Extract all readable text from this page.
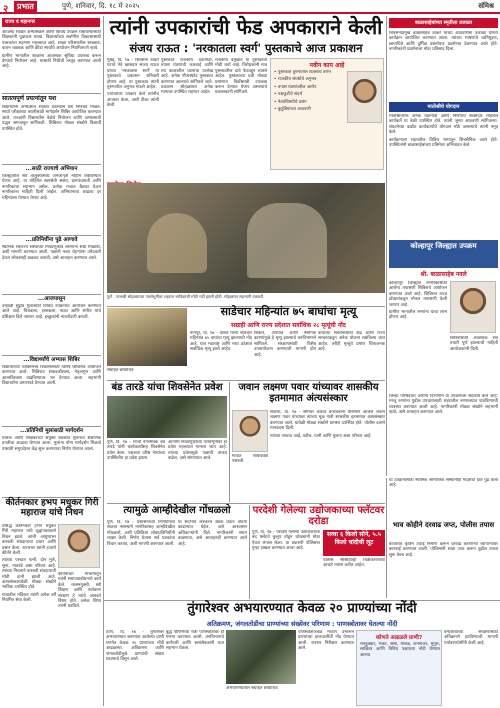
२	प्रभात	पुणे, शनिवार, दि. १८ मे २०२५	संमिश्र
राज्य व महानगर

आपल्या शाळेत अभ्यासक्रम आणि विविध उपक्रम राबविण्यासाठी शिक्षकांनी पुढाकार घ्यावा. विद्यार्थ्यांच्या सर्वांगीण विकासासाठी पालकांचा सहभाग महत्त्वाचा आहे. शाळा परिसरातील स्वच्छता, वाचन चळवळ आणि क्रीडा स्पर्धांचे आयोजन नियमितपणे व्हावे.

ग्रामीण भागातील शाळांना आवश्यक सुविधा उपलब्ध करून देण्याचे नियोजन आहे. यासाठी निधीची तरतूद करण्यात आली आहे.

सातत्यपूर्ण प्रयत्नांतून यश

विद्यार्थ्यांनी अभ्यासात सातत्य ठेवल्यास यश निश्चित मिळते. स्पर्धा परीक्षांच्या तयारीसाठी मार्गदर्शन शिबिर आयोजित करण्यात आले. तज्ज्ञांनी विद्यार्थ्यांना वेळेचे नियोजन आणि अभ्यासाची पद्धत समजावून सांगितली. शिबिरात मोठ्या संख्येने विद्यार्थी उपस्थित होते.

...साठी राज्याचे अभियान

जिल्ह्यातील सर्व तालुक्यांमध्ये जनजागृती मोहीम राबविण्यात येणार आहे. या मोहिमेत स्वयंसेवी संस्था, ग्रामपंचायती आणि नागरिकांचा सहभाग असेल. प्रत्येक गावात बैठका घेऊन नागरिकांना माहिती दिली जाईल. अभियानाचा आढावा दर महिन्याला घेण्यात येणार आहे.

...प्रतिनिधींना पुढे आणावे

स्थानिक स्वराज्य संस्थांच्या निवडणुकीत तरुणांना संधी मिळावी, अशी मागणी करण्यात आली. पक्षांनी नव्या चेहऱ्यांना उमेदवारी देऊन लोकशाही बळकट करावी, असे आवाहन करण्यात आले.

...आजपासून

उन्हाळी सुट्टीत मुलांसाठी विविध उपक्रमांचे आयोजन करण्यात आले आहे. चित्रकला, हस्तकला, नाट्य आणि संगीत यांचे प्रशिक्षण दिले जाणार आहे. इच्छुकांनी नावनोंदणी करावी.

...विद्यार्थ्यांचे अभ्यास शिबिर

विद्यार्थ्यांच्या व्यक्तिमत्त्व विकासासाठी विशेष शिबिराचे आयोजन करण्यात आले. शिबिरात संवादकौशल्य, नेतृत्वगुण आणि आत्मविश्वास वाढविण्यावर भर देण्यात आला. सहभागी विद्यार्थ्यांना प्रमाणपत्रे देण्यात आली.

...प्रतिनिधी मुलांसाठी मार्गदर्शन

पालक आणि शिक्षकांच्या संयुक्त बैठकीत मुलांच्या शैक्षणिक प्रगतीचा आढावा घेण्यात आला. मुलांना योग्य मार्गदर्शन मिळावे यासाठी समुपदेशन केंद्र सुरू करण्याचा निर्णय घेण्यात आला.

कीर्तनकार हभप मधुकर गिरी महाराज यांचे निधन

प्रसिद्ध कीर्तनकार हभप मधुकर गिरी महाराज यांचे वृद्धापकाळाने निधन झाले. त्यांनी आयुष्यभर वारकरी संप्रदायाचा प्रचार आणि प्रसार केला. राज्यभर त्यांनी हजारो कीर्तने केली.

त्यांच्या पश्चात पत्नी, दोन मुले, सुना, नातवंडे असा परिवार आहे. त्यांच्या निधनाने वारकरी संप्रदायाची मोठी हानी झाली आहे. अंत्यसंस्कारावेळी मोठ्या संख्येने भाविक उपस्थित होते.

गावातील मंदिरात त्यांनी अनेक वर्षे नियमित सेवा केली.

कीर्तनाच्या माध्यमातून त्यांनी समाजप्रबोधनाचे कार्य केले. व्यसनमुक्ती, स्त्री शिक्षण आणि पर्यावरण संरक्षण हे त्यांचे आवडते विषय होते. अनेक शिष्य त्यांनी घडविले.

त्यांनी उपकारांची फेड अपकाराने केली
संजय राऊत : 'नरकातला स्वर्ग' पुस्तकाचे आज प्रकाशन

मुंबई, दि. १७ - शिवसेना ठाकरे गटाचे नेते खासदार संजय राऊत यांच्या 'नरकातला स्वर्ग' या पुस्तकाचे प्रकाशन शनिवारी होणार आहे. या पुस्तकात त्यांनी तुरुंगातील अनुभव मांडले आहेत.

ज्यांच्यावर उपकार केले त्यांनीच अपकार केला, अशी टीका त्यांनी केली.

पुस्तकात राजकीय घडामोडी, तपास यंत्रणांची कारवाई आणि त्या काळातील घटनांचा उल्लेख आहे. अनेक गौप्यस्फोट पुस्तकात करण्यात आल्याचे सांगितले जाते. प्रकाशन सोहळ्याला अनेक मान्यवर उपस्थित राहणार आहेत.

राजकीय वर्तुळात या पुस्तकाची मोठी चर्चा आहे. विरोधकांनी मात्र पुस्तकातील दावे फेटाळून लावले आहेत. पुस्तकाच्या प्रती मोठ्या प्रमाणात विक्रीसाठी उपलब्ध करून देण्यात येणार असल्याचे प्रकाशकांनी सांगितले.

नवीन काय आहे

• पुस्तकात तुरुंगातील दिवसांचे वर्णन

• राजकीय संघर्षाचे अनुभव

• तपास यंत्रणांवरील आरोप

• पक्षफुटीचे संदर्भ

• नेत्यांविषयीचे प्रसंग

• कुटुंबियांच्या आठवणी

पुणे : पालखी सोहळ्याच्या पार्श्वभूमीवर शहरात भाविकांची मोठी गर्दी झाली होती. सोहळ्यात सहभागी वारकरी.

बाळासाहेबांच्या स्मृतीला उजाळा

शिवसेनाप्रमुख बाळासाहेब ठाकरे यांच्या आठवणींना उजाळा देणारा कार्यक्रम आयोजित करण्यात आला. त्यांच्या भाषणांचे ध्वनिमुद्रण, छायाचित्रे आणि दुर्मिळ दस्तऐवज प्रदर्शनात ठेवण्यात आले होते. नागरिकांनी प्रदर्शनाला मोठा प्रतिसाद दिला.

मातोश्रीचे योगदान

मातोश्रीवरील अनेक घडामोडी आणि निर्णयांचे साक्षीदार राहिलेले कार्यकर्ते या वेळी उपस्थित होते. त्यांनी जुन्या आठवणी सांगितल्या. संघटनेच्या वाढीत कार्यकर्त्यांचे योगदान मोठे असल्याचे त्यांनी नमूद केले.

कार्यक्रमाला शहरातील विविध भागांतून शिवसैनिक आले होते. उपस्थितांनी बाळासाहेबांच्या प्रतिमेला अभिवादन केले.

साडेचार महिन्यांत ७५ बाघांचा मृत्यू
सद्याही आणि राज्य प्रदेशात सर्वाधिक २८ मृत्यूंची नोंद

नागपूर, दि. १७ - देशात गेल्या साडेचार महिन्यांत ७५ वाघांचा मृत्यू झाल्याची नोंद आहे. यात महाराष्ट्र आणि मध्य प्रदेशात सर्वाधिक मृत्यू झाले आहेत.

शिकार, अपघात आणि नैसर्गिक कारणांमुळे हे मृत्यू झाल्याचे वनविभागाने सांगितले. संरक्षणासाठी विशेष उपाययोजना करण्याची मागणी होत आहे.

वाघांच्या संवर्धनासाठी केंद्र आणि राज्य सरकारकडून अनेक योजना राबविल्या जात आहेत. तरीही मृत्यूंचे प्रमाण चिंताजनक आहे.

संग्रहित छायाचित्र

कोल्हापूर जिल्ह्यात उपक्रम
श्री. बाळासाहेब नवले

कोल्हापूर जिल्ह्यात नागरिकांसाठी आरोग्य तपासणी शिबिराचे आयोजन करण्यात आले आहे. शिबिरात तज्ज्ञ डॉक्टरांकडून मोफत तपासणी केली जाणार आहे.

ग्रामीण भागातील रुग्णांना याचा लाभ होणार आहे.

शिबिरासाठी आवश्यक सर्व तयारी पूर्ण झाल्याची माहिती आयोजकांनी दिली.

जिल्हा परिषदेच्या आरोग्य विभागाने या उपक्रमाला सहकार्य केले आहे. गरजू रुग्णांना पुढील उपचारासाठी शहरातील रुग्णालयात पाठविण्याची व्यवस्था करण्यात आली आहे. नागरिकांनी मोठ्या संख्येने सहभागी व्हावे, असे आवाहन करण्यात आले.

बंड तारडे यांचा शिवसेनेत प्रवेश

पुणे, दि. १७ - माजी नगरसेवक बंड तारडे यांनी कार्यकर्त्यांसह शिवसेनेत प्रवेश केला. पक्षाच्या वरिष्ठ नेत्यांच्या उपस्थितीत हा प्रवेश झाला.

आगामी निवडणुकीच्या पार्श्वभूमीवर हा प्रवेश महत्त्वाचा मानला जात आहे. त्यांच्या प्रवेशामुळे पक्षाची ताकद वाढेल, असे सांगण्यात आले.

जवान लक्ष्मण पवार यांच्यावर शासकीय इतमामात अंत्यसंस्कार

सातारा, दि. १७ - सीमेवर कर्तव्य बजावताना वीरमरण आलेले जवान लक्ष्मण पवार यांच्यावर त्यांच्या मूळ गावी शासकीय इतमामात अंत्यसंस्कार करण्यात आले. यावेळी मोठ्या संख्येने ग्रामस्थ उपस्थित होते. पोलीस दलाने मानवंदना दिली.

त्यांच्या पश्चात आई, वडील, पत्नी आणि मुलगा असा परिवार आहे.

गावात शोककळा पसरली.

त्यामुळे आम्हीदेखील गोंधळलो

पुणे, दि. १७ - प्रशासनाच्या निर्णयांमध्ये सातत्य नसल्याने नागरिकांसह आम्हीदेखील गोंधळलो, अशी प्रतिक्रिया लोकप्रतिनिधींनी व्यक्त केली. निर्णय घेताना सर्व घटकांचा विचार करावा, अशी मागणी करण्यात आली.

या संदर्भात लवकरच बैठक घेऊन तोडगा काढण्यात येईल, असे आश्वासन अधिकाऱ्यांनी दिले. नागरिकांनी संयम बाळगावा, असे आवाहनही करण्यात आले आहे.

परदेशी गेलेल्या उद्योजकाच्या फ्लॅटवर दरोडा

पुणे, दि. १७ - परदेशी गेलेल्या उद्योजकाच्या बंद फ्लॅटचे कुलूप तोडून चोरट्यांनी मोठा ऐवज लंपास केला. या प्रकरणी पोलिसांत गुन्हा दाखल करण्यात आला आहे.

सव्वा ६ किलो सोने, ५.५ किलो चांदीची लूट

पोलीस सीसीटीव्ही चित्रीकरणाच्या आधारे तपास करीत आहेत.

या उपक्रमासाठी स्थानिक सामाजिक संस्थांनीही मदतीचा हात पुढे केला आहे.

भाव कोहीने दरवाढ जप्त, पोलीस तपास

बाजारात कृत्रिम टंचाई निर्माण करून दरवाढ करणाऱ्या व्यापाऱ्यांवर कारवाई करण्यात आली. पोलिसांनी साठा जप्त करून पुढील तपास सुरू केला आहे.

तुंगारेश्वर अभयारण्यात केवळ २० प्राण्यांच्या नोंदी
अतिक्रमण, जंगलतोडीचा प्राण्यांच्या संख्येवर परिणाम : पाणस्त्रोतावर घेतल्या नोंदी

ठाणे, दि. १७ - तुंगारेश्वर अभयारण्यात करण्यात आलेल्या प्राणी गणनेत केवळ २० प्राण्यांच्या नोंदी आढळल्या. अतिक्रमण आणि जंगलतोडीमुळे प्राण्यांची संख्या घटल्याचे दिसून आले.

बुद्ध पौर्णिमेच्या रात्री पाणस्त्रोतांवर ही गणना करण्यात आली. वनविभागाचे कर्मचारी आणि स्वयंसेवकांनी यात सहभाग घेतला.

अभयारण्यातील संग्रहित छायाचित्र

पाणस्त्रोतांजवळ मचाण उभारून प्राण्यांच्या हालचालींची नोंद घेण्यात आली. रात्रभर निरीक्षण करण्यात आले.

कोणते आढळले प्राणी?

रानडुक्कर, भेकर, ससा, माकड, रानमांजर, मुंगूस, साळिंदर आणि विविध पक्ष्यांच्या नोंदी घेण्यात आल्या.

वन्यजीवांच्या संरक्षणासाठी अतिक्रमणे हटविण्याची मागणी पर्यावरणप्रेमींनी केली आहे.
